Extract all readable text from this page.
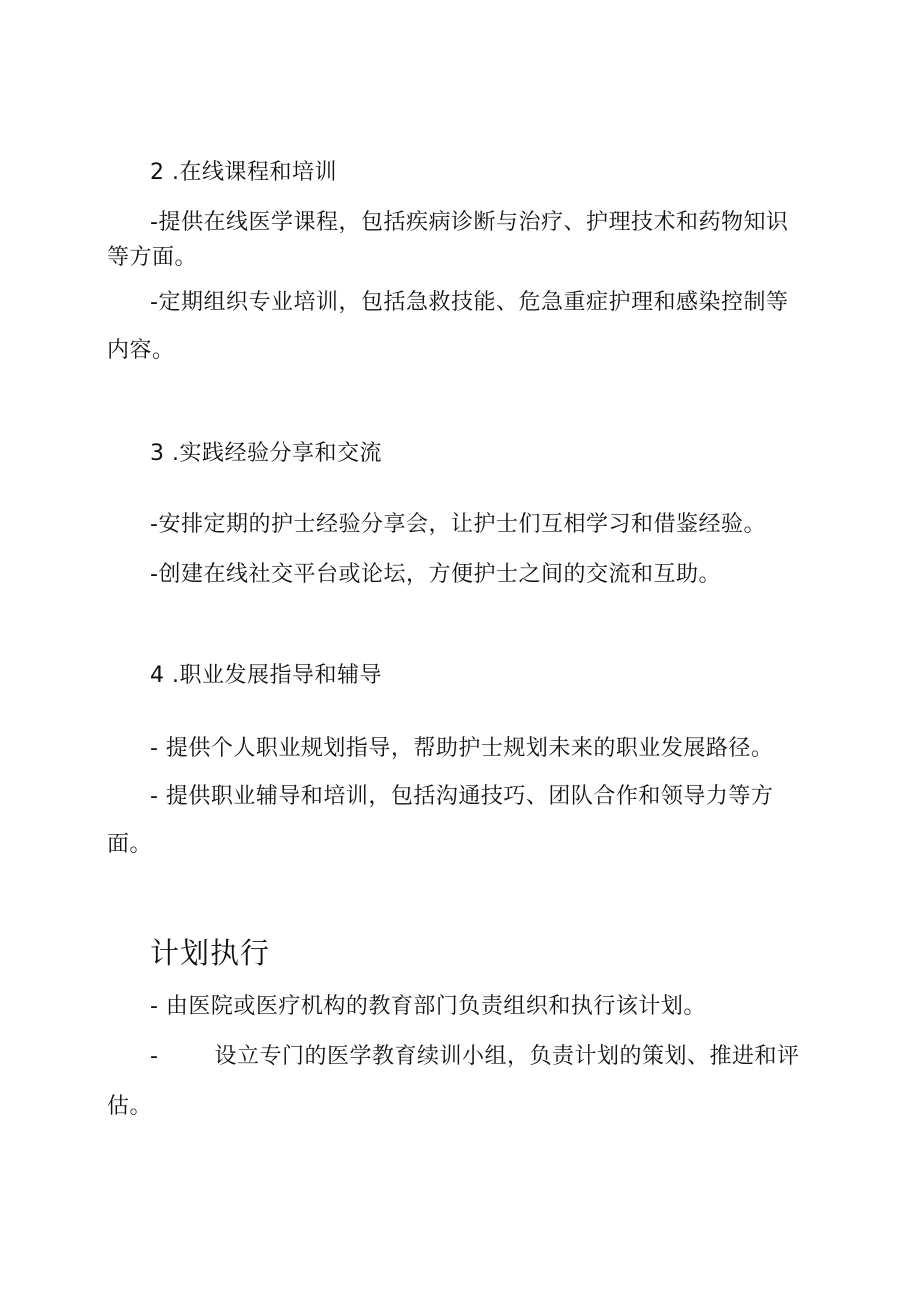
2 .在线课程和培训
-提供在线医学课程，包括疾病诊断与治疗、护理技术和药物知识
等方面。
-定期组织专业培训，包括急救技能、危急重症护理和感染控制等
内容。
3 .实践经验分享和交流
-安排定期的护士经验分享会，让护士们互相学习和借鉴经验。
-创建在线社交平台或论坛，方便护士之间的交流和互助。
4 .职业发展指导和辅导
- 提供个人职业规划指导，帮助护士规划未来的职业发展路径。
- 提供职业辅导和培训，包括沟通技巧、团队合作和领导力等方
面。
计划执行
- 由医院或医疗机构的教育部门负责组织和执行该计划。
-	设立专门的医学教育续训小组，负责计划的策划、推进和评
估。
